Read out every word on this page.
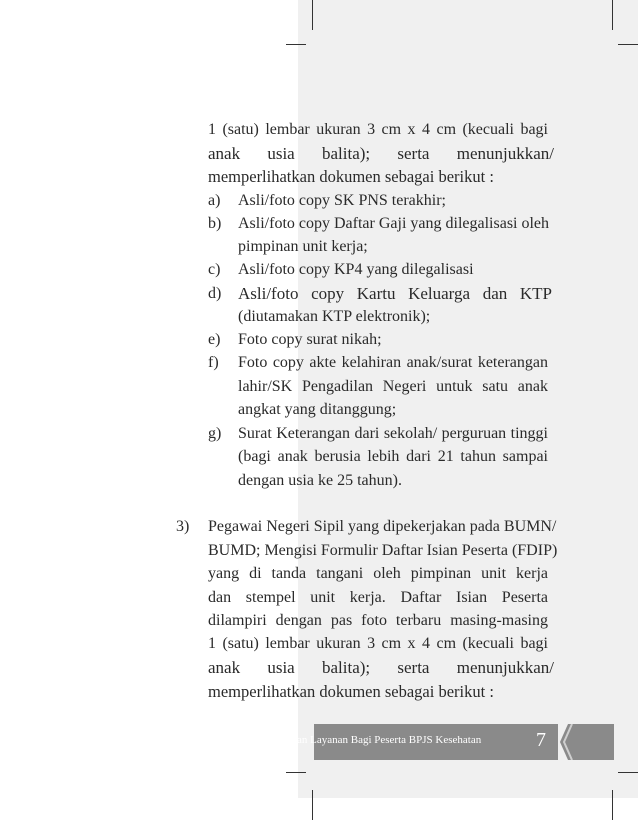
1 (satu) lembar ukuran 3 cm x 4 cm (kecuali bagi
anak usia balita); serta menunjukkan/
memperlihatkan dokumen sebagai berikut :
a) Asli/foto copy SK PNS terakhir;
b) Asli/foto copy Daftar Gaji yang dilegalisasi oleh
pimpinan unit kerja;
c) Asli/foto copy KP4 yang dilegalisasi
d) Asli/foto copy Kartu Keluarga dan KTP
(diutamakan KTP elektronik);
e) Foto copy surat nikah;
f) Foto copy akte kelahiran anak/surat keterangan
lahir/SK Pengadilan Negeri untuk satu anak
angkat yang ditanggung;
g) Surat Keterangan dari sekolah/ perguruan tinggi
(bagi anak berusia lebih dari 21 tahun sampai
dengan usia ke 25 tahun).
3) Pegawai Negeri Sipil yang dipekerjakan pada BUMN/
BUMD; Mengisi Formulir Daftar Isian Peserta (FDIP)
yang di tanda tangani oleh pimpinan unit kerja
dan stempel unit kerja. Daftar Isian Peserta
dilampiri dengan pas foto terbaru masing-masing
1 (satu) lembar ukuran 3 cm x 4 cm (kecuali bagi
anak usia balita); serta menunjukkan/
memperlihatkan dokumen sebagai berikut :
duan Layanan Bagi Peserta BPJS Kesehatan	7
